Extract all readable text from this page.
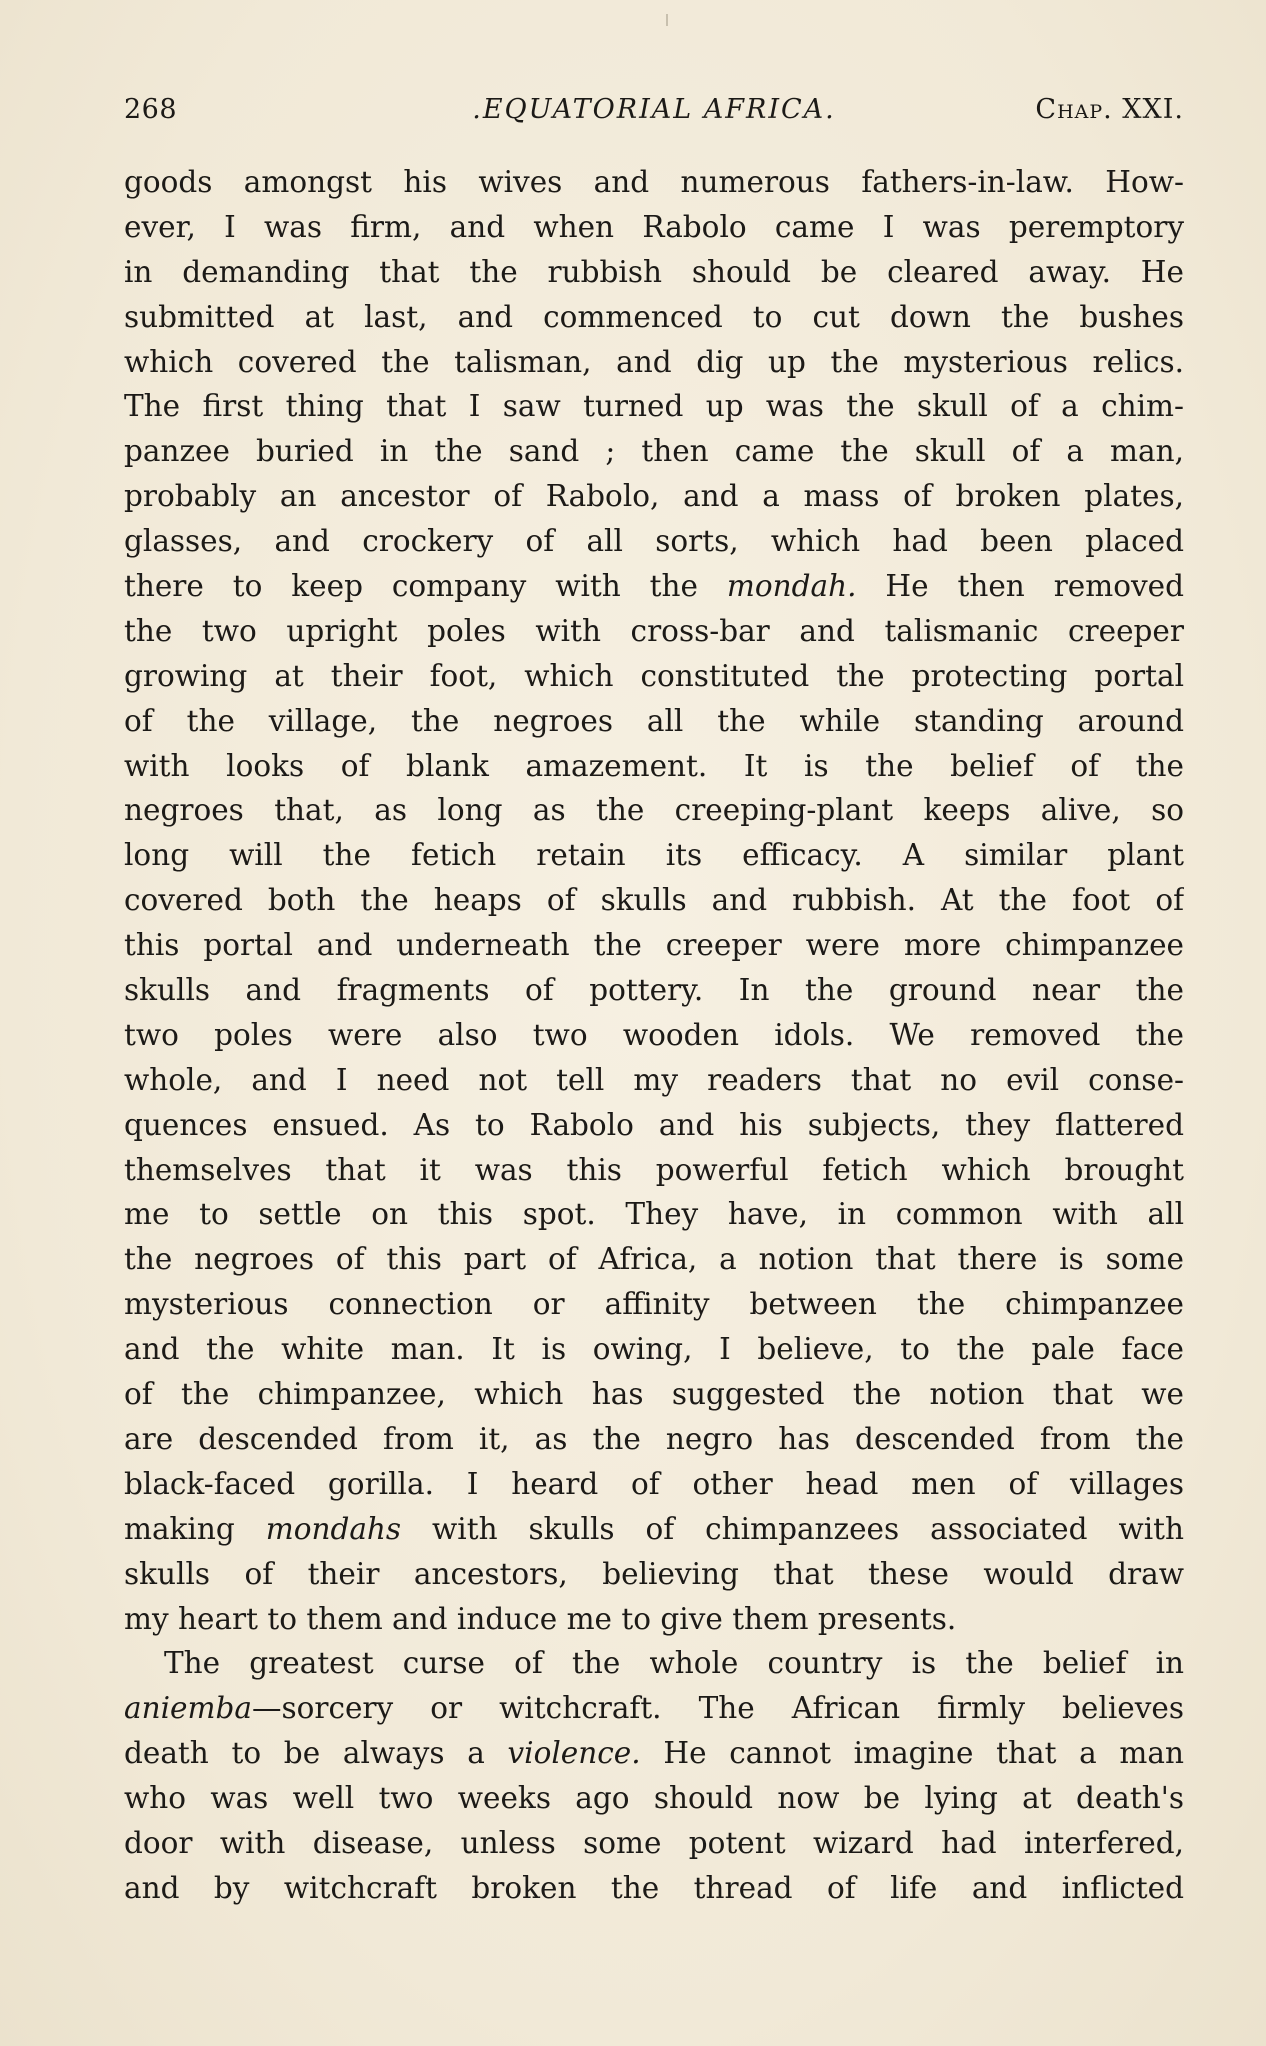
268	.EQUATORIAL AFRICA.	Chap. XXI.
goods amongst his wives and numerous fathers-in-law. How-
ever, I was firm, and when Rabolo came I was peremptory
in demanding that the rubbish should be cleared away. He
submitted at last, and commenced to cut down the bushes
which covered the talisman, and dig up the mysterious relics.
The first thing that I saw turned up was the skull of a chim-
panzee buried in the sand ; then came the skull of a man,
probably an ancestor of Rabolo, and a mass of broken plates,
glasses, and crockery of all sorts, which had been placed
there to keep company with the mondah. He then removed
the two upright poles with cross-bar and talismanic creeper
growing at their foot, which constituted the protecting portal
of the village, the negroes all the while standing around
with looks of blank amazement. It is the belief of the
negroes that, as long as the creeping-plant keeps alive, so
long will the fetich retain its efficacy. A similar plant
covered both the heaps of skulls and rubbish. At the foot of
this portal and underneath the creeper were more chimpanzee
skulls and fragments of pottery. In the ground near the
two poles were also two wooden idols. We removed the
whole, and I need not tell my readers that no evil conse-
quences ensued. As to Rabolo and his subjects, they flattered
themselves that it was this powerful fetich which brought
me to settle on this spot. They have, in common with all
the negroes of this part of Africa, a notion that there is some
mysterious connection or affinity between the chimpanzee
and the white man. It is owing, I believe, to the pale face
of the chimpanzee, which has suggested the notion that we
are descended from it, as the negro has descended from the
black-faced gorilla. I heard of other head men of villages
making mondahs with skulls of chimpanzees associated with
skulls of their ancestors, believing that these would draw
my heart to them and induce me to give them presents.
The greatest curse of the whole country is the belief in
aniemba—sorcery or witchcraft. The African firmly believes
death to be always a violence. He cannot imagine that a man
who was well two weeks ago should now be lying at death's
door with disease, unless some potent wizard had interfered,
and by witchcraft broken the thread of life and inflicted
